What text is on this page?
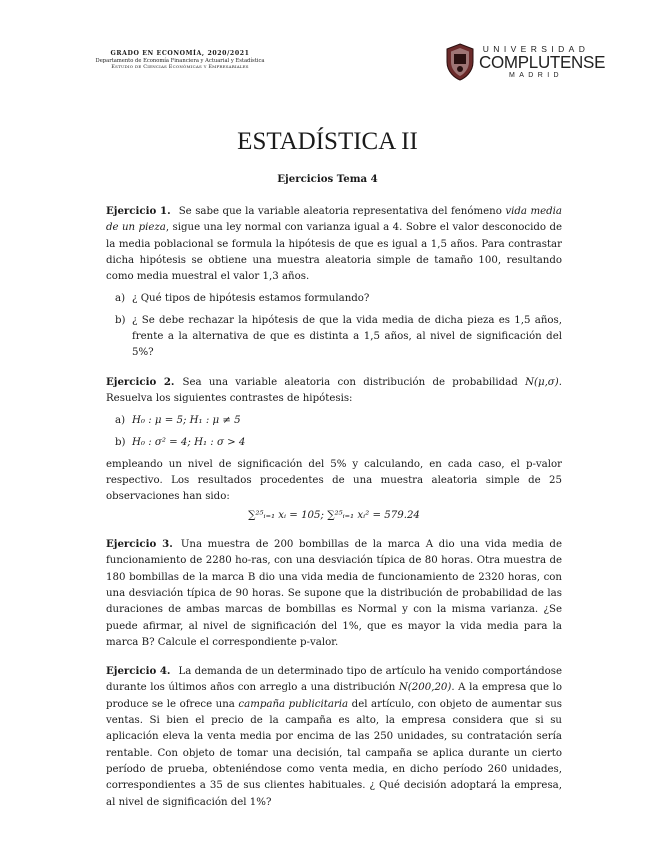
GRADO EN ECONOMÍA, 2020/2021
Departamento de Economía Financiera y Actuarial y Estadística
Estudio de Ciencias Económicas y Empresariales
UNIVERSIDAD
COMPLUTENSE
MADRID
ESTADÍSTICA II
Ejercicios Tema 4

Ejercicio 1. Se sabe que la variable aleatoria representativa del fenómeno vida media de un pieza, sigue una ley normal con varianza igual a 4. Sobre el valor desconocido de la media poblacional se formula la hipótesis de que es igual a 1,5 años. Para contrastar dicha hipótesis se obtiene una muestra aleatoria simple de tamaño 100, resultando como media muestral el valor 1,3 años.

a) ¿ Qué tipos de hipótesis estamos formulando?
b) ¿ Se debe rechazar la hipótesis de que la vida media de dicha pieza es 1,5 años, frente a la alternativa de que es distinta a 1,5 años, al nivel de significación del 5%?

Ejercicio 2. Sea una variable aleatoria con distribución de probabilidad N(μ,σ). Resuelva los siguientes contrastes de hipótesis:

a) H₀ : μ = 5; H₁ : μ ≠ 5
b) H₀ : σ² = 4; H₁ : σ > 4

empleando un nivel de significación del 5% y calculando, en cada caso, el p-valor respectivo. Los resultados procedentes de una muestra aleatoria simple de 25 observaciones han sido:

∑²⁵ᵢ₌₁ xᵢ = 105; ∑²⁵ᵢ₌₁ xᵢ² = 579.24

Ejercicio 3. Una muestra de 200 bombillas de la marca A dio una vida media de funcionamiento de 2280 ho-ras, con una desviación típica de 80 horas. Otra muestra de 180 bombillas de la marca B dio una vida media de funcionamiento de 2320 horas, con una desviación típica de 90 horas. Se supone que la distribución de probabilidad de las duraciones de ambas marcas de bombillas es Normal y con la misma varianza. ¿Se puede afirmar, al nivel de significación del 1%, que es mayor la vida media para la marca B? Calcule el correspondiente p-valor.

Ejercicio 4. La demanda de un determinado tipo de artículo ha venido comportándose durante los últimos años con arreglo a una distribución N(200,20). A la empresa que lo produce se le ofrece una campaña publicitaria del artículo, con objeto de aumentar sus ventas. Si bien el precio de la campaña es alto, la empresa considera que si su aplicación eleva la venta media por encima de las 250 unidades, su contratación sería rentable. Con objeto de tomar una decisión, tal campaña se aplica durante un cierto período de prueba, obteniéndose como venta media, en dicho período 260 unidades, correspondientes a 35 de sus clientes habituales. ¿ Qué decisión adoptará la empresa, al nivel de significación del 1%?
